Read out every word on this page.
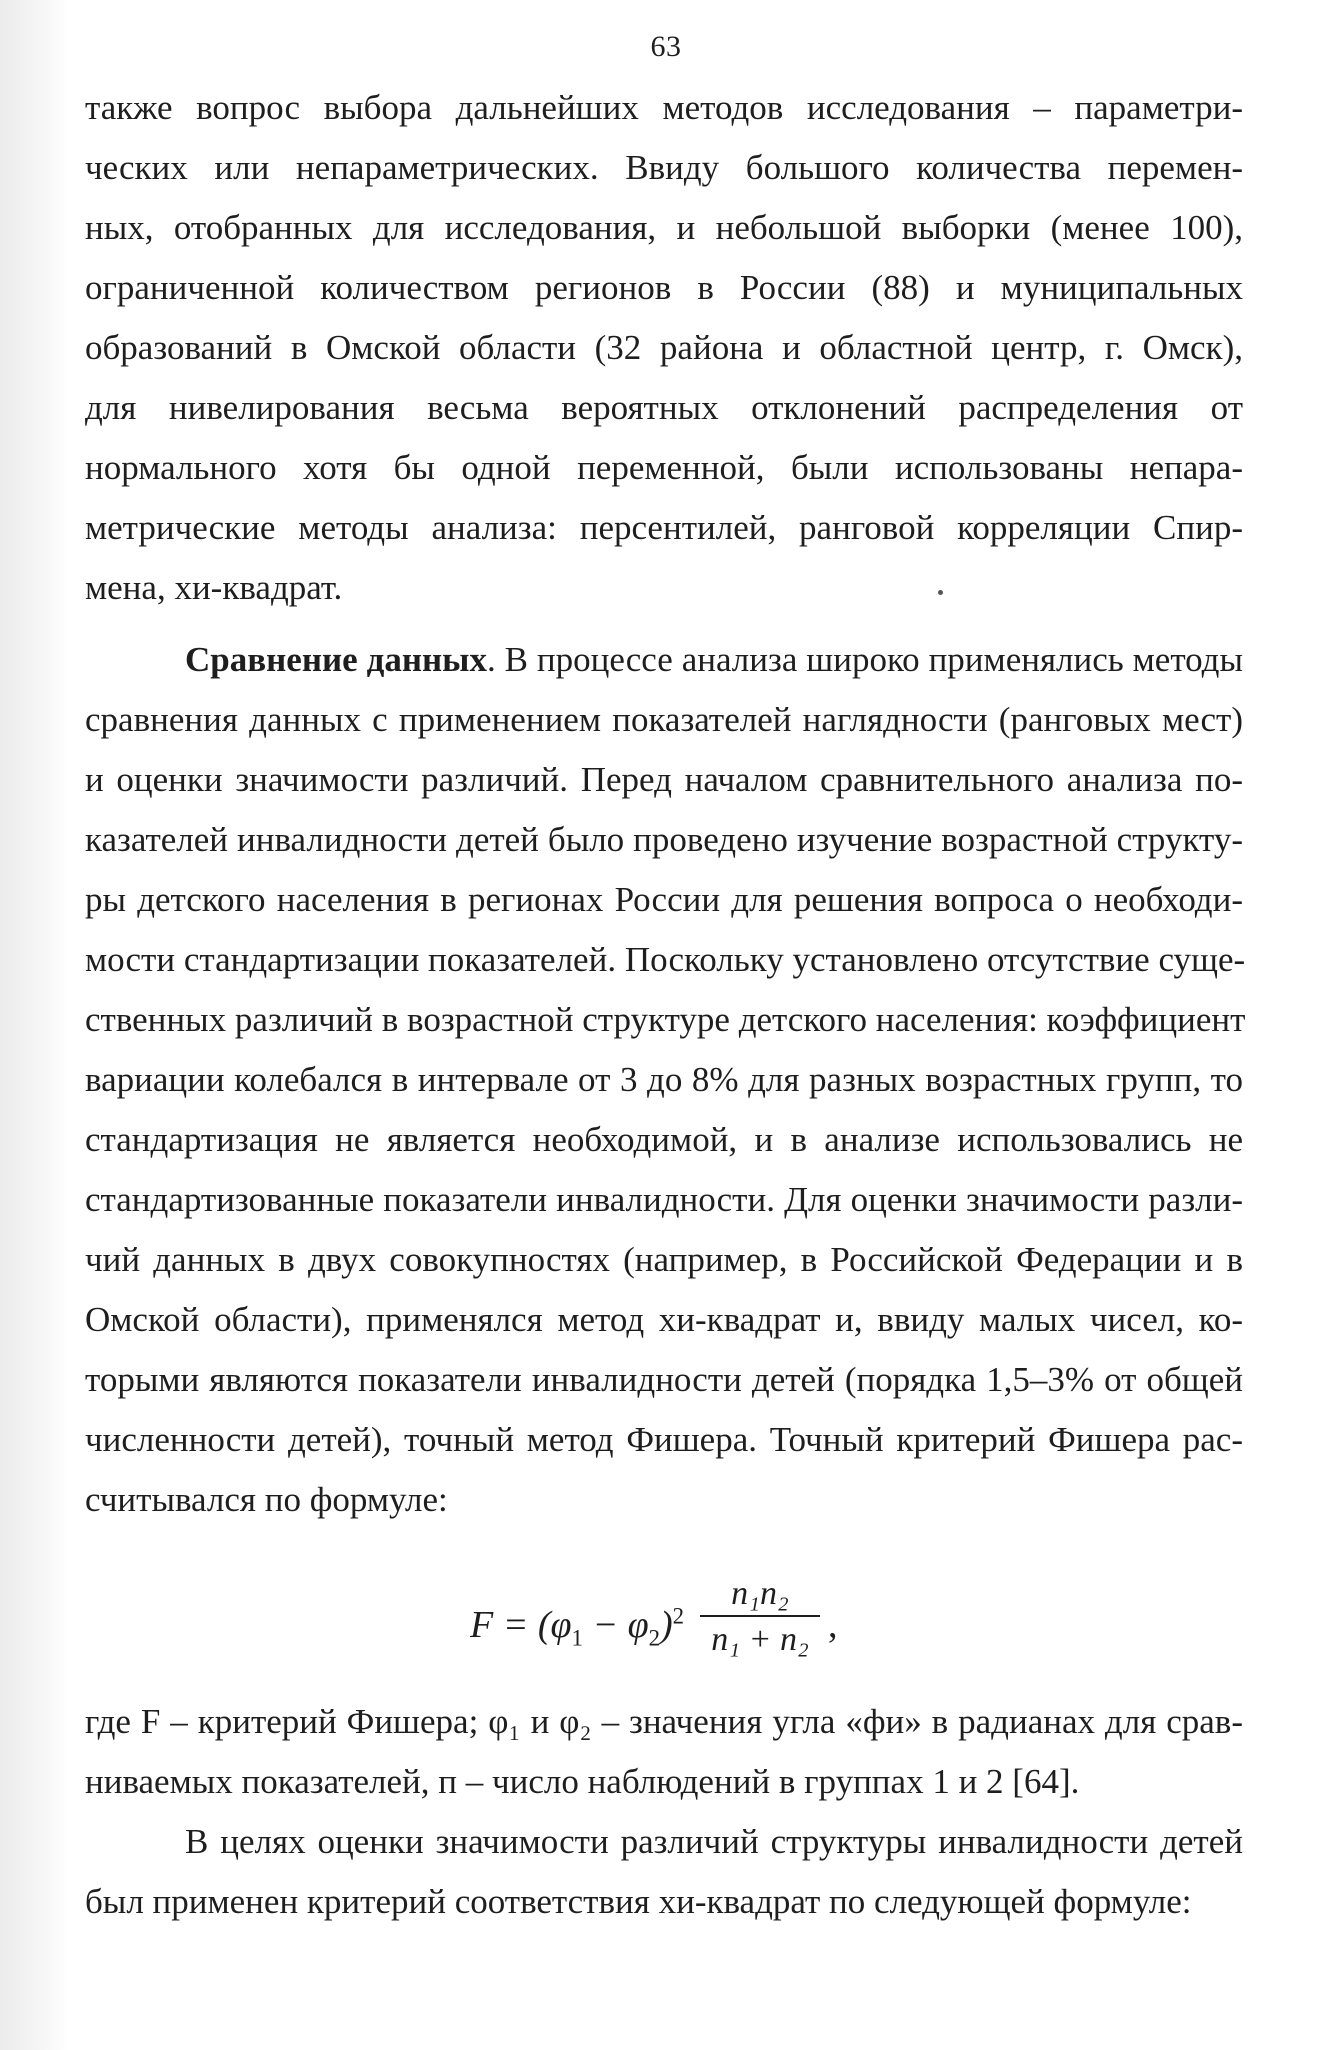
63
также вопрос выбора дальнейших методов исследования – параметри-
ческих или непараметрических. Ввиду большого количества перемен-
ных, отобранных для исследования, и небольшой выборки (менее 100),
ограниченной количеством регионов в России (88) и муниципальных
образований в Омской области (32 района и областной центр, г. Омск),
для нивелирования весьма вероятных отклонений распределения от
нормального хотя бы одной переменной, были использованы непара-
метрические методы анализа: персентилей, ранговой корреляции Спир-
мена, хи-квадрат.
Сравнение данных. В процессе анализа широко применялись методы
сравнения данных с применением показателей наглядности (ранговых мест)
и оценки значимости различий. Перед началом сравнительного анализа по-
казателей инвалидности детей было проведено изучение возрастной структу-
ры детского населения в регионах России для решения вопроса о необходи-
мости стандартизации показателей. Поскольку установлено отсутствие суще-
ственных различий в возрастной структуре детского населения: коэффициент
вариации колебался в интервале от 3 до 8% для разных возрастных групп, то
стандартизация не является необходимой, и в анализе использовались не
стандартизованные показатели инвалидности. Для оценки значимости разли-
чий данных в двух совокупностях (например, в Российской Федерации и в
Омской области), применялся метод хи-квадрат и, ввиду малых чисел, ко-
торыми являются показатели инвалидности детей (порядка 1,5–3% от общей
численности детей), точный метод Фишера. Точный критерий Фишера рас-
считывался по формуле:
$F = (\varphi_1 - \varphi_2)^2 \frac{\text{n₁n₂}}{\text{n₁ + n₂}}$ ,
где F – критерий Фишера; φ₁ и φ₂ – значения угла «фи» в радианах для срав-
ниваемых показателей, п – число наблюдений в группах 1 и 2 [64].
В целях оценки значимости различий структуры инвалидности детей
был применен критерий соответствия хи-квадрат по следующей формуле:
